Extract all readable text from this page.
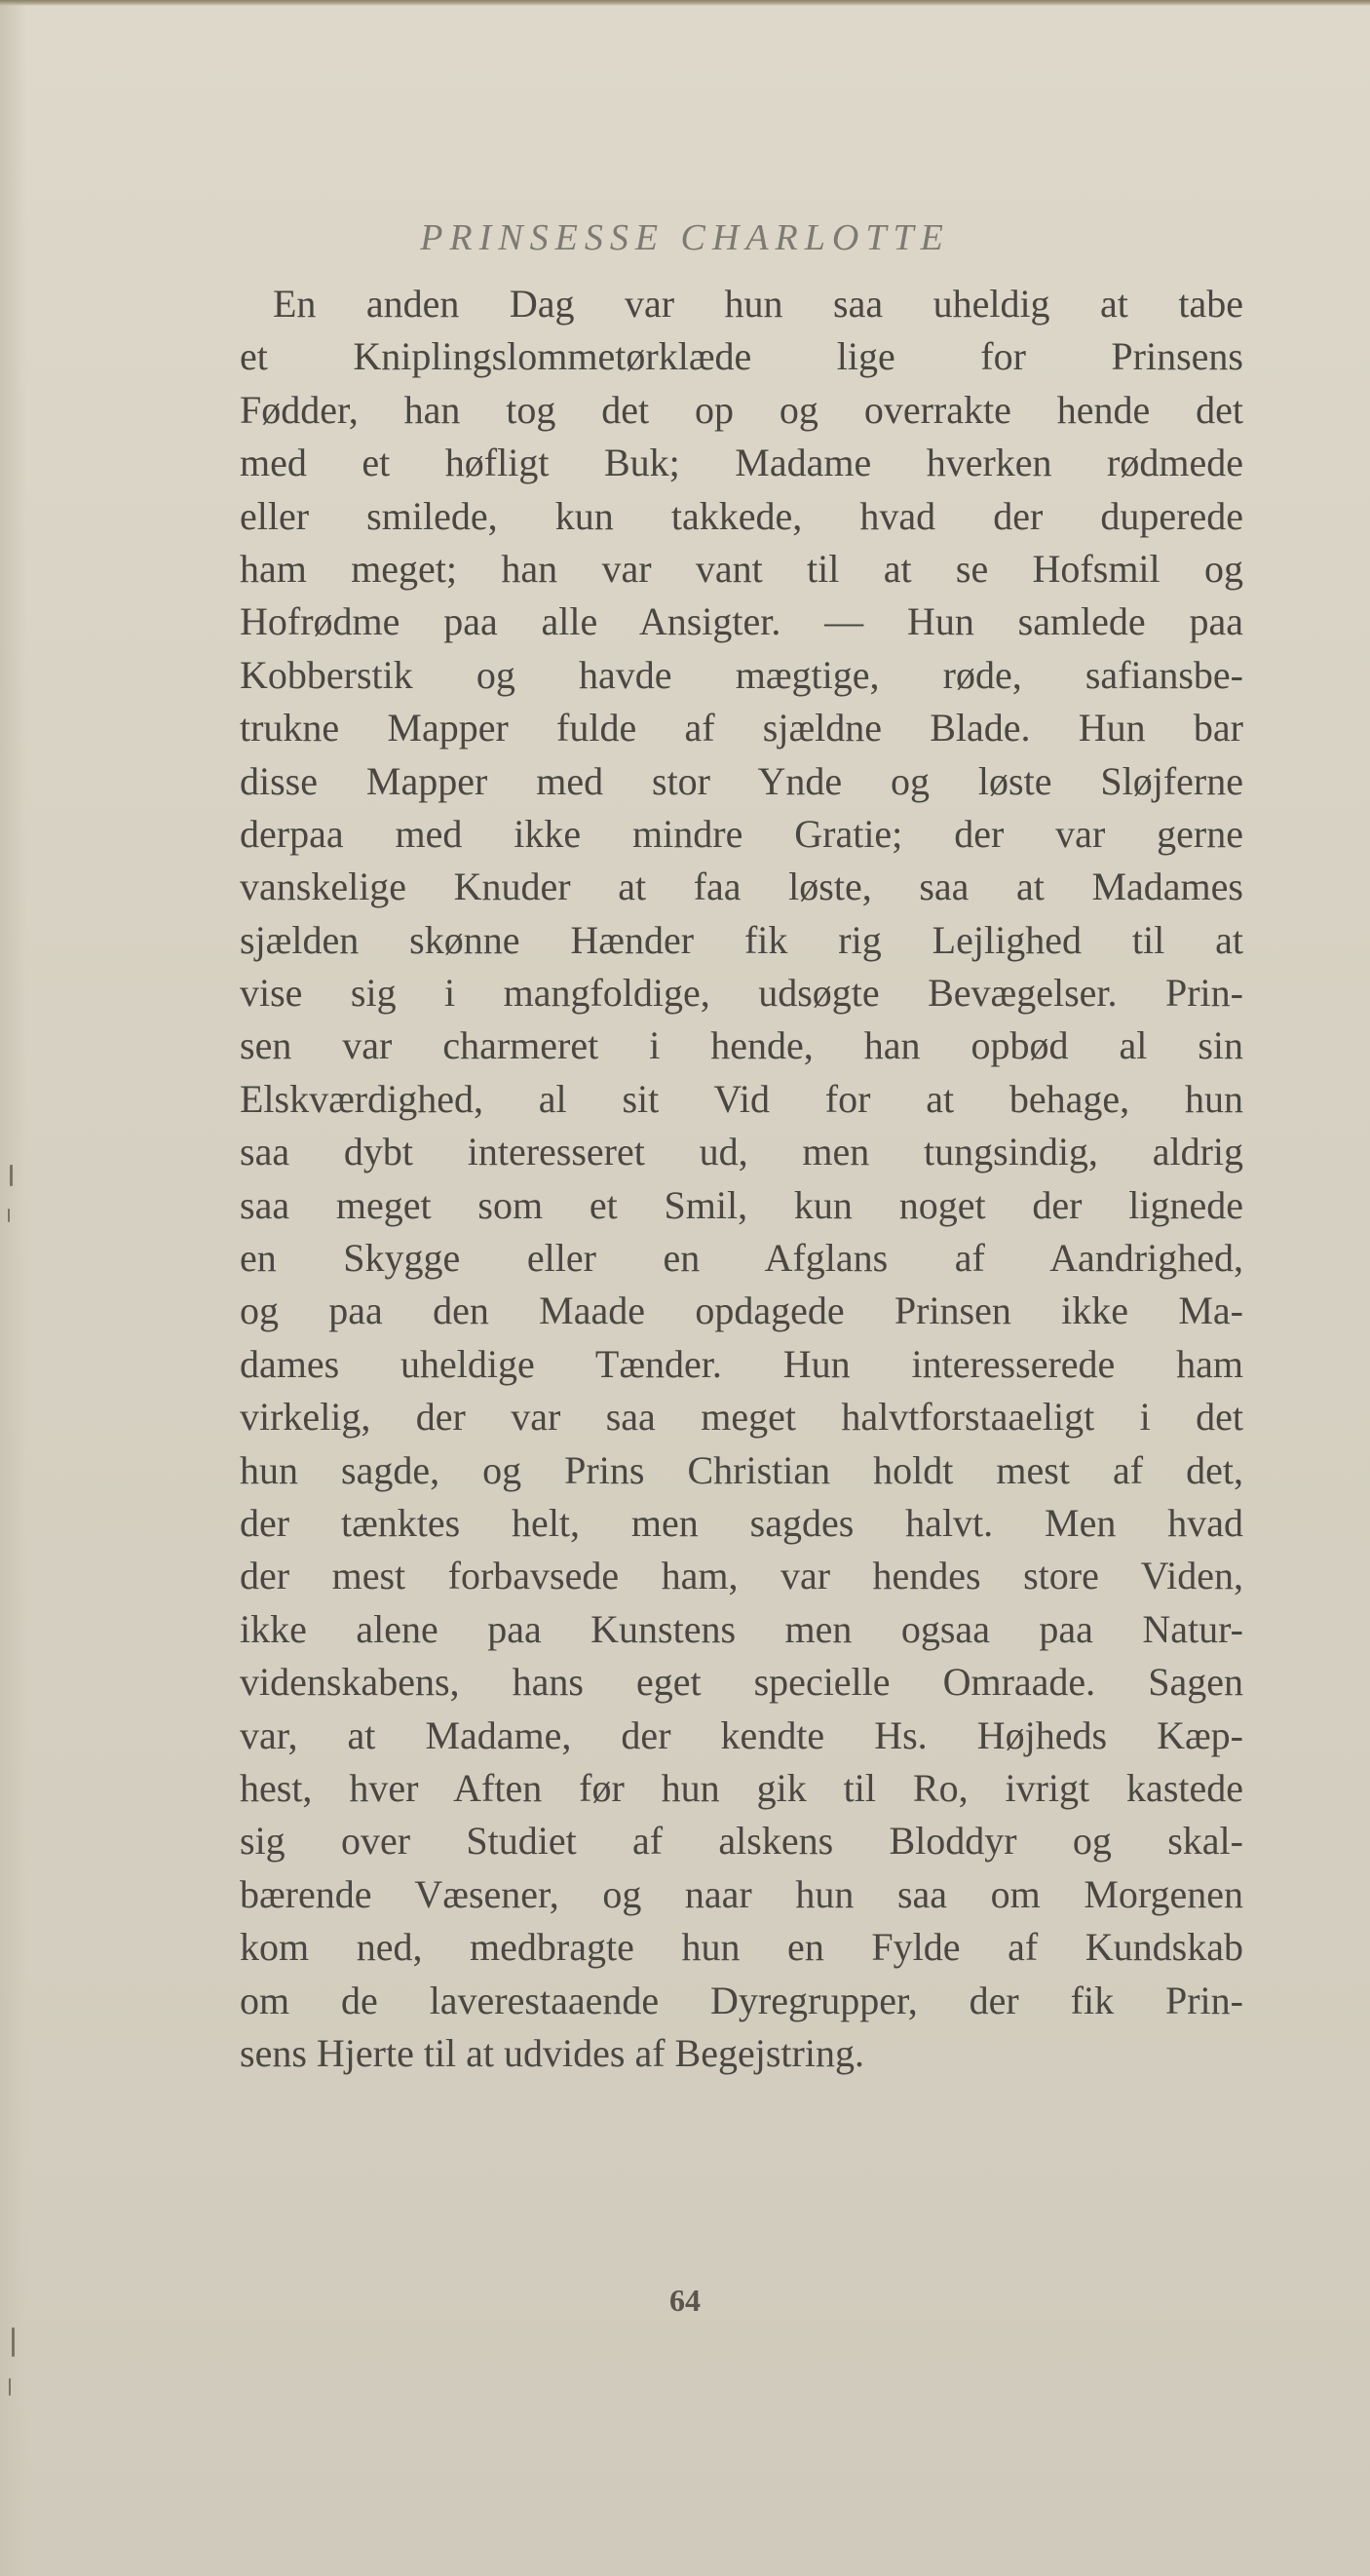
PRINSESSE CHARLOTTE
En anden Dag var hun saa uheldig at tabe
et Kniplingslommetørklæde lige for Prinsens
Fødder, han tog det op og overrakte hende det
med et høfligt Buk; Madame hverken rødmede
eller smilede, kun takkede, hvad der duperede
ham meget; han var vant til at se Hofsmil og
Hofrødme paa alle Ansigter. — Hun samlede paa
Kobberstik og havde mægtige, røde, safiansbe-
trukne Mapper fulde af sjældne Blade. Hun bar
disse Mapper med stor Ynde og løste Sløjferne
derpaa med ikke mindre Gratie; der var gerne
vanskelige Knuder at faa løste, saa at Madames
sjælden skønne Hænder fik rig Lejlighed til at
vise sig i mangfoldige, udsøgte Bevægelser. Prin-
sen var charmeret i hende, han opbød al sin
Elskværdighed, al sit Vid for at behage, hun
saa dybt interesseret ud, men tungsindig, aldrig
saa meget som et Smil, kun noget der lignede
en Skygge eller en Afglans af Aandrighed,
og paa den Maade opdagede Prinsen ikke Ma-
dames uheldige Tænder. Hun interesserede ham
virkelig, der var saa meget halvtforstaaeligt i det
hun sagde, og Prins Christian holdt mest af det,
der tænktes helt, men sagdes halvt. Men hvad
der mest forbavsede ham, var hendes store Viden,
ikke alene paa Kunstens men ogsaa paa Natur-
videnskabens, hans eget specielle Omraade. Sagen
var, at Madame, der kendte Hs. Højheds Kæp-
hest, hver Aften før hun gik til Ro, ivrigt kastede
sig over Studiet af alskens Bloddyr og skal-
bærende Væsener, og naar hun saa om Morgenen
kom ned, medbragte hun en Fylde af Kundskab
om de laverestaaende Dyregrupper, der fik Prin-
sens Hjerte til at udvides af Begejstring.
64
